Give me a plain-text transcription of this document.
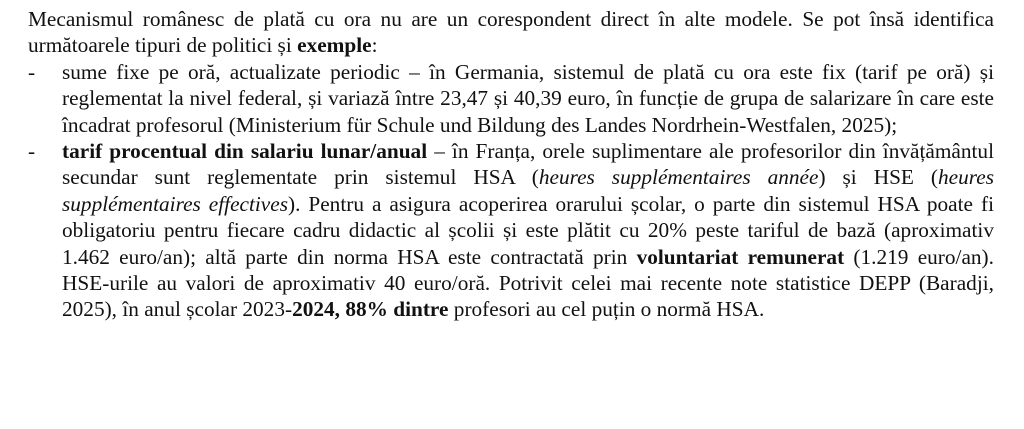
Mecanismul românesc de plată cu ora nu are un corespondent direct în alte modele. Se pot însă identifica următoarele tipuri de politici și exemple:

- sume fixe pe oră, actualizate periodic – în Germania, sistemul de plată cu ora este fix (tarif pe oră) și reglementat la nivel federal, și variază între 23,47 și 40,39 euro, în funcție de grupa de salarizare în care este încadrat profesorul (Ministerium für Schule und Bildung des Landes Nordrhein-Westfalen, 2025);

- tarif procentual din salariu lunar/anual – în Franța, orele suplimentare ale profesorilor din învățământul secundar sunt reglementate prin sistemul HSA (heures supplémentaires année) și HSE (heures supplémentaires effectives). Pentru a asigura acoperirea orarului școlar, o parte din sistemul HSA poate fi obligatoriu pentru fiecare cadru didactic al școlii și este plătit cu 20% peste tariful de bază (aproximativ 1.462 euro/an); altă parte din norma HSA este contractată prin voluntariat remunerat (1.219 euro/an). HSE-urile au valori de aproximativ 40 euro/oră. Potrivit celei mai recente note statistice DEPP (Baradji, 2025), în anul școlar 2023-2024, 88% dintre profesori au cel puțin o normă HSA.
